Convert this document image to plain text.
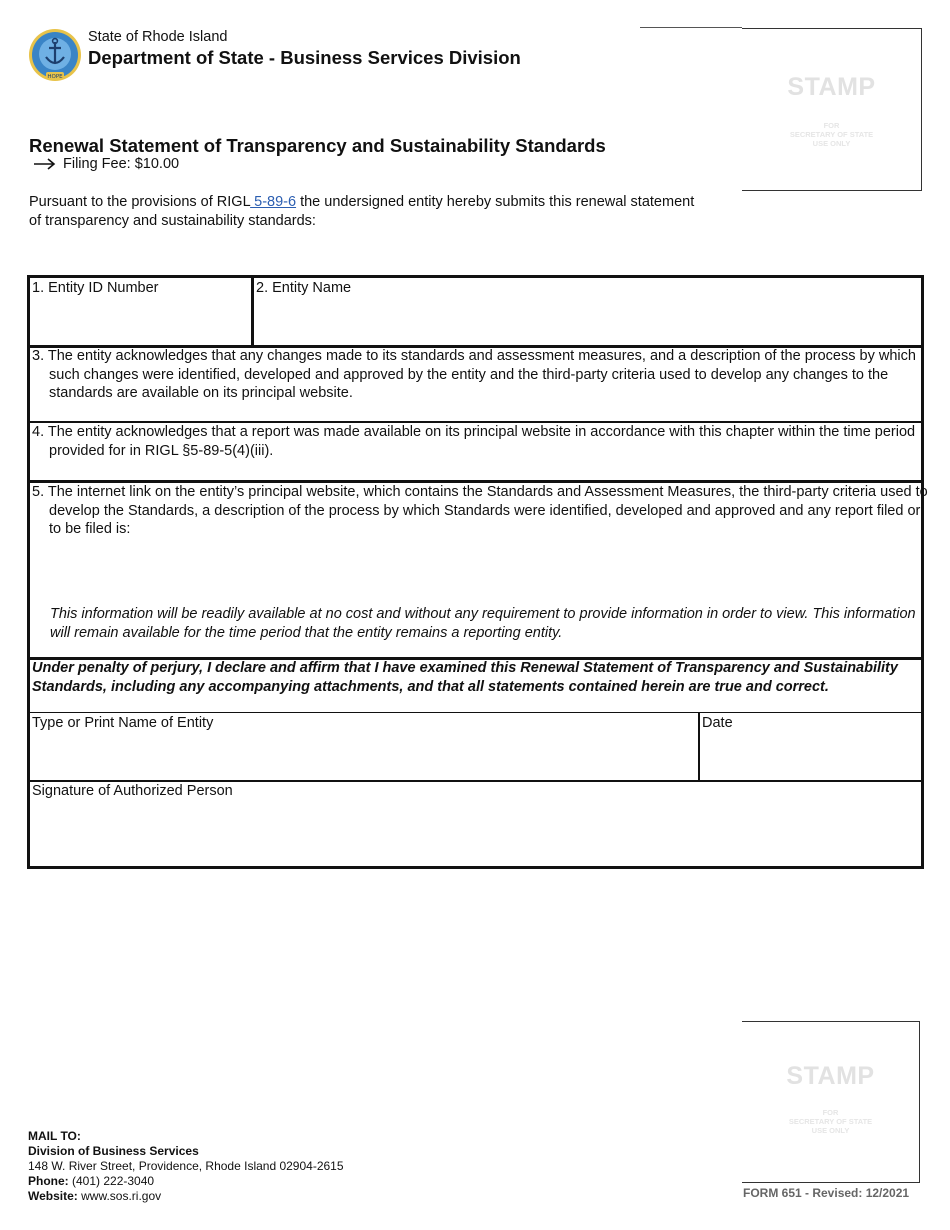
HOPE
State of Rhode Island
Department of State - Business Services Division
STAMP
FOR
SECRETARY OF STATE
USE ONLY
Renewal Statement of Transparency and Sustainability Standards
Filing Fee: $10.00
Pursuant to the provisions of RIGL 5-89-6 the undersigned entity hereby submits this renewal statement of transparency and sustainability standards:
1. Entity ID Number	2. Entity Name
3. The entity acknowledges that any changes made to its standards and assessment measures, and a description of the process by which such changes were identified, developed and approved by the entity and the third-party criteria used to develop any changes to the standards are available on its principal website.
4. The entity acknowledges that a report was made available on its principal website in accordance with this chapter within the time period provided for in RIGL §5-89-5(4)(iii).
5. The internet link on the entity’s principal website, which contains the Standards and Assessment Measures, the third-party criteria used to develop the Standards, a description of the process by which Standards were identified, developed and approved and any report filed or to be filed is:
This information will be readily available at no cost and without any requirement to provide information in order to view. This information will remain available for the time period that the entity remains a reporting entity.
Under penalty of perjury, I declare and affirm that I have examined this Renewal Statement of Transparency and Sustainability Standards, including any accompanying attachments, and that all statements contained herein are true and correct.
Type or Print Name of Entity	Date
Signature of Authorized Person
STAMP
FOR
SECRETARY OF STATE
USE ONLY
MAIL TO:
Division of Business Services
148 W. River Street, Providence, Rhode Island 02904-2615
Phone: (401) 222-3040
Website: www.sos.ri.gov	FORM 651 - Revised: 12/2021
